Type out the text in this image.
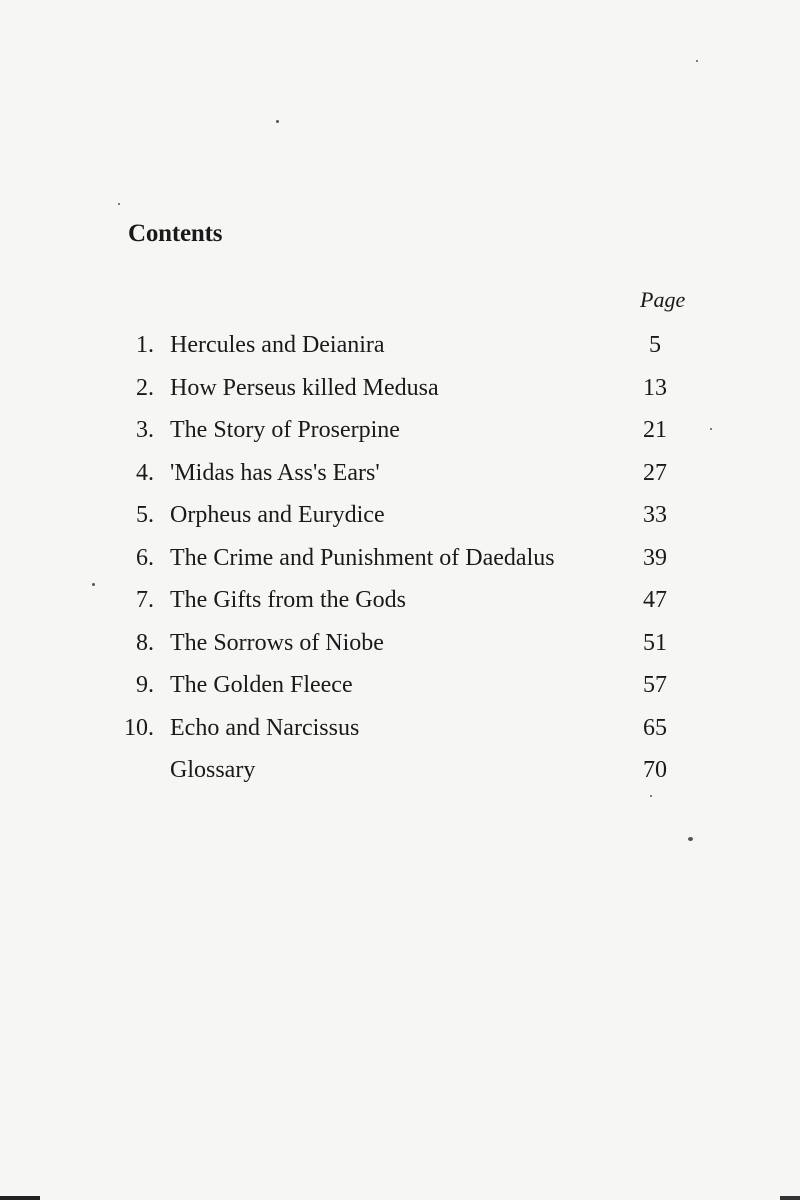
Contents
Page
1. Hercules and Deianira	5
2. How Perseus killed Medusa	13
3. The Story of Proserpine	21
4. 'Midas has Ass's Ears'	27
5. Orpheus and Eurydice	33
6. The Crime and Punishment of Daedalus	39
7. The Gifts from the Gods	47
8. The Sorrows of Niobe	51
9. The Golden Fleece	57
10. Echo and Narcissus	65
Glossary	70
